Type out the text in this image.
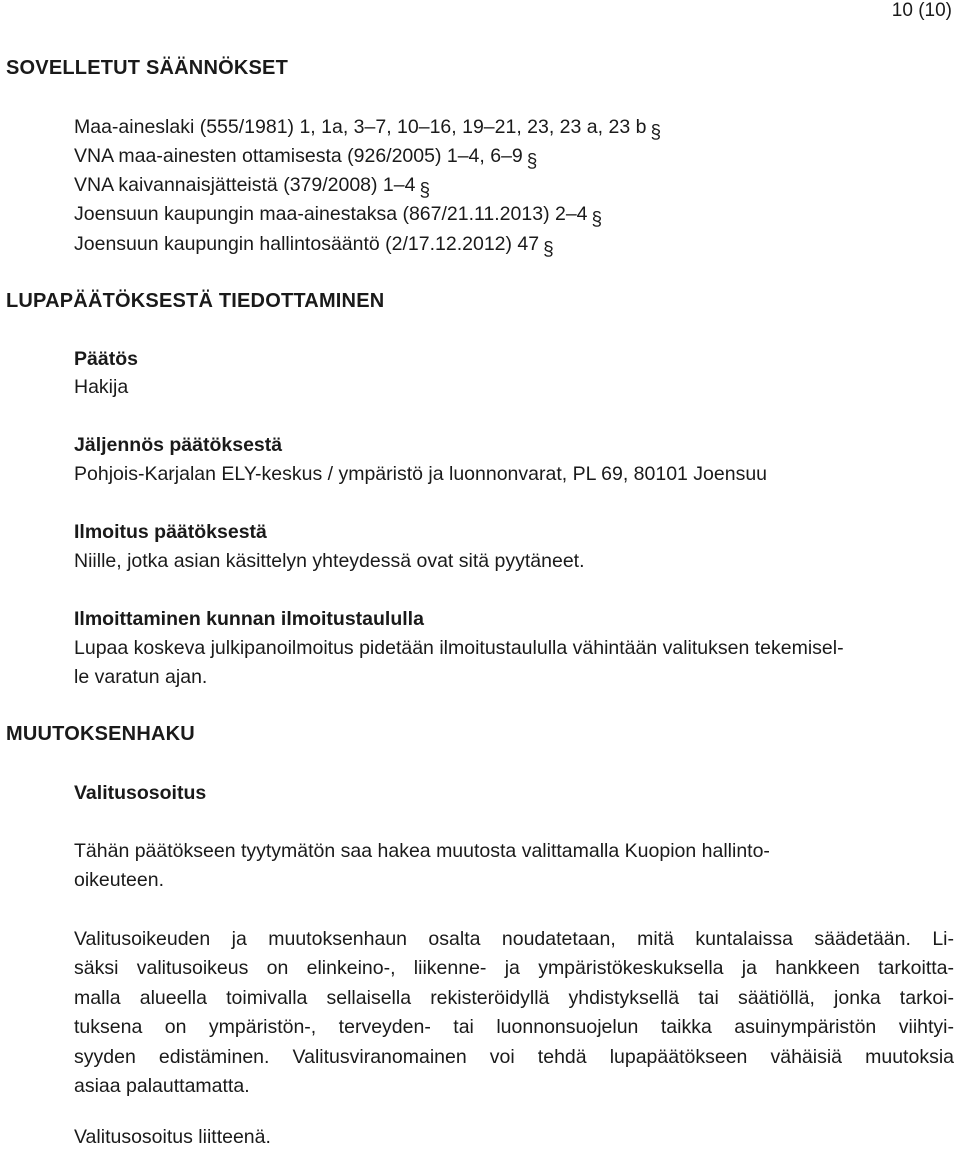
10 (10)
SOVELLETUT SÄÄNNÖKSET
Maa-aineslaki (555/1981) 1, 1a, 3–7, 10–16, 19–21, 23, 23 a, 23 b §
VNA maa-ainesten ottamisesta (926/2005) 1–4, 6–9 §
VNA kaivannaisjätteistä (379/2008) 1–4 §
Joensuun kaupungin maa-ainestaksa (867/21.11.2013) 2–4 §
Joensuun kaupungin hallintosääntö (2/17.12.2012) 47 §
LUPAPÄÄTÖKSESTÄ TIEDOTTAMINEN
Päätös
Hakija
Jäljennös päätöksestä
Pohjois-Karjalan ELY-keskus / ympäristö ja luonnonvarat, PL 69, 80101 Joensuu
Ilmoitus päätöksestä
Niille, jotka asian käsittelyn yhteydessä ovat sitä pyytäneet.
Ilmoittaminen kunnan ilmoitustaululla
Lupaa koskeva julkipanoilmoitus pidetään ilmoitustaululla vähintään valituksen tekemisel-
le varatun ajan.
MUUTOKSENHAKU
Valitusosoitus
Tähän päätökseen tyytymätön saa hakea muutosta valittamalla Kuopion hallinto-
oikeuteen.
Valitusoikeuden ja muutoksenhaun osalta noudatetaan, mitä kuntalaissa säädetään. Li-
säksi valitusoikeus on elinkeino-, liikenne- ja ympäristökeskuksella ja hankkeen tarkoitta-
malla alueella toimivalla sellaisella rekisteröidyllä yhdistyksellä tai säätiöllä, jonka tarkoi-
tuksena on ympäristön-, terveyden- tai luonnonsuojelun taikka asuinympäristön viihtyi-
syyden edistäminen. Valitusviranomainen voi tehdä lupapäätökseen vähäisiä muutoksia
asiaa palauttamatta.
Valitusosoitus liitteenä.
